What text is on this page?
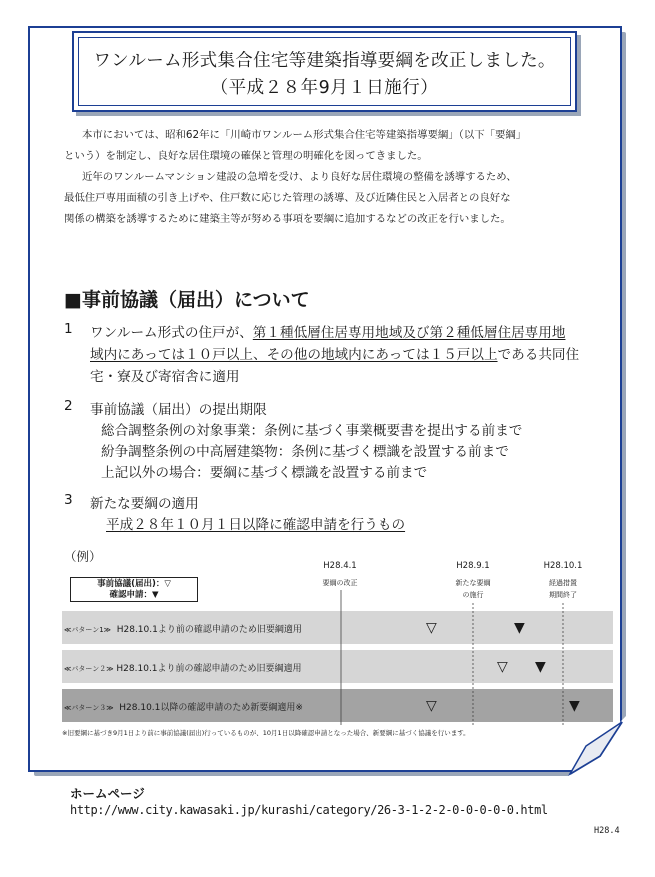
ワンルーム形式集合住宅等建築指導要綱を改正しました。
（平成２８年9月１日施行）
本市においては、昭和62年に「川崎市ワンルーム形式集合住宅等建築指導要綱」（以下「要綱」
という）を制定し、良好な居住環境の確保と管理の明確化を図ってきました。
近年のワンルームマンション建設の急増を受け、より良好な居住環境の整備を誘導するため、
最低住戸専用面積の引き上げや、住戸数に応じた管理の誘導、及び近隣住民と入居者との良好な
関係の構築を誘導するために建築主等が努める事項を要綱に追加するなどの改正を行いました。
■事前協議（届出）について
1 ワンルーム形式の住戸が、第１種低層住居専用地域及び第２種低層住居専用地
域内にあっては１０戸以上、その他の地域内にあっては１５戸以上である共同住
宅・寮及び寄宿舎に適用
2 事前協議（届出）の提出期限
総合調整条例の対象事業：条例に基づく事業概要書を提出する前まで
紛争調整条例の中高層建築物：条例に基づく標識を設置する前まで
上記以外の場合：要綱に基づく標識を設置する前まで
3 新たな要綱の適用
平成２８年１０月１日以降に確認申請を行うもの
（例）
H28.4.1
要綱の改正
H28.9.1
新たな要綱
の施行
H28.10.1
経過措置
期間終了
事前協議(届出)：▽
確認申請：▼
≪パターン1≫ H28.10.1より前の確認申請のため旧要綱適用
≪パターン２≫ H28.10.1より前の確認申請のため旧要綱適用
≪パターン３≫ H28.10.1以降の確認申請のため新要綱適用※
▽	▼
▽ ▼
▽	▼
※旧要綱に基づき9月1日より前に事前協議(届出)行っているものが、10月1日以降確認申請となった場合、新要綱に基づく協議を行います。
ホームページ
http://www.city.kawasaki.jp/kurashi/category/26-3-1-2-2-0-0-0-0-0.html
H28.4
